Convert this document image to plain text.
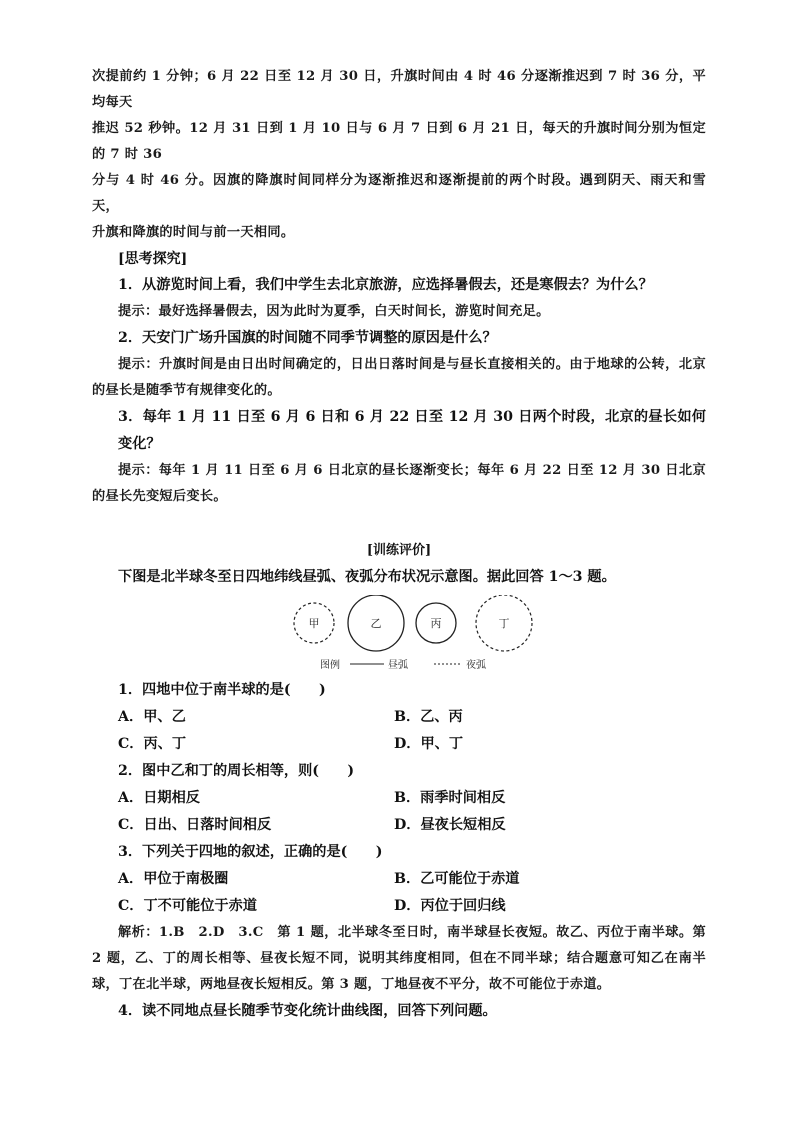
次提前约 1 分钟；6 月 22 日至 12 月 30 日，升旗时间由 4 时 46 分逐渐推迟到 7 时 36 分，平均每天

推迟 52 秒钟。12 月 31 日到 1 月 10 日与 6 月 7 日到 6 月 21 日，每天的升旗时间分别为恒定的 7 时 36

分与 4 时 46 分。因旗的降旗时间同样分为逐渐推迟和逐渐提前的两个时段。遇到阴天、雨天和雪天，

升旗和降旗的时间与前一天相同。

[思考探究]

1．从游览时间上看，我们中学生去北京旅游，应选择暑假去，还是寒假去？为什么？

提示：最好选择暑假去，因为此时为夏季，白天时间长，游览时间充足。

2．天安门广场升国旗的时间随不同季节调整的原因是什么？

提示：升旗时间是由日出时间确定的，日出日落时间是与昼长直接相关的。由于地球的公转，北京的昼长是随季节有规律变化的。

3．每年 1 月 11 日至 6 月 6 日和 6 月 22 日至 12 月 30 日两个时段，北京的昼长如何变化？

提示：每年 1 月 11 日至 6 月 6 日北京的昼长逐渐变长；每年 6 月 22 日至 12 月 30 日北京的昼长先变短后变长。

[训练评价]

下图是北半球冬至日四地纬线昼弧、夜弧分布状况示意图。据此回答 1～3 题。

甲	乙	丙	丁
图例	昼弧	夜弧

1．四地中位于南半球的是(　　)

A．甲、乙	B．乙、丙
C．丙、丁	D．甲、丁

2．图中乙和丁的周长相等，则(　　)

A．日期相反	B．雨季时间相反
C．日出、日落时间相反	D．昼夜长短相反

3．下列关于四地的叙述，正确的是(　　)

A．甲位于南极圈	B．乙可能位于赤道
C．丁不可能位于赤道	D．丙位于回归线

解析：1.B　2.D　3.C　第 1 题，北半球冬至日时，南半球昼长夜短。故乙、丙位于南半球。第 2 题，乙、丁的周长相等、昼夜长短不同，说明其纬度相同，但在不同半球；结合题意可知乙在南半球，丁在北半球，两地昼夜长短相反。第 3 题，丁地昼夜不平分，故不可能位于赤道。

4．读不同地点昼长随季节变化统计曲线图，回答下列问题。
